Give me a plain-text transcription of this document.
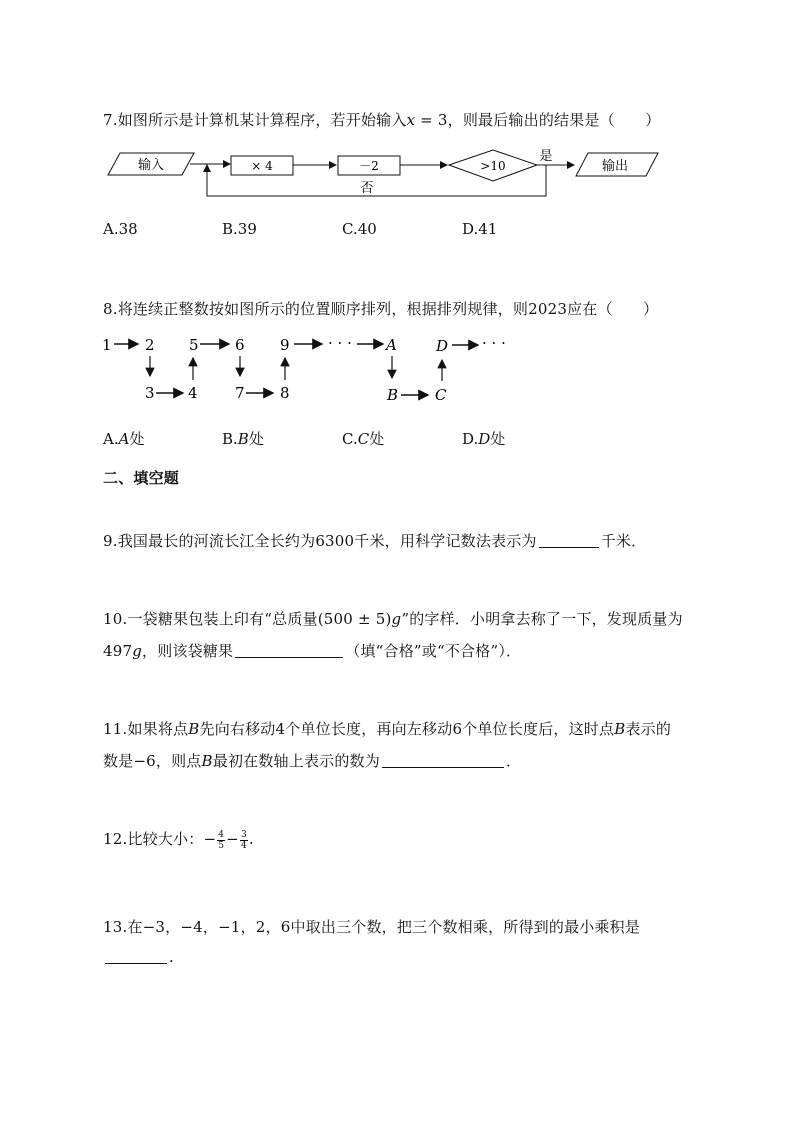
7.如图所示是计算机某计算程序，若开始输入x = 3，则最后输出的结果是（　　）
输入	× 4	－2	>10
是
输出
否
A.38	B.39	C.40	D.41
8.将连续正整数按如图所示的位置顺序排列，根据排列规律，则2023应在（　　）
1 2
3 4
5 6
7 8
9	· · · A
B C
D · · ·
A.A处	B.B处	C.C处	D.D处
二、填空题
9.我国最长的河流长江全长约为6300千米，用科学记数法表示为	千米．
10.一袋糖果包装上印有“总质量(500 ± 5)g”的字样．小明拿去称了一下，发现质量为
497g，则该袋糖果	（填“合格”或“不合格”）．
11.如果将点B先向右移动4个单位长度，再向左移动6个单位长度后，这时点B表示的
数是−6，则点B最初在数轴上表示的数为	．
12.比较大小：− $\frac{4}{5} - \frac{3}{4}$ .
13.在−3，−4，−1，2，6中取出三个数，把三个数相乘，所得到的最小乘积是
.
